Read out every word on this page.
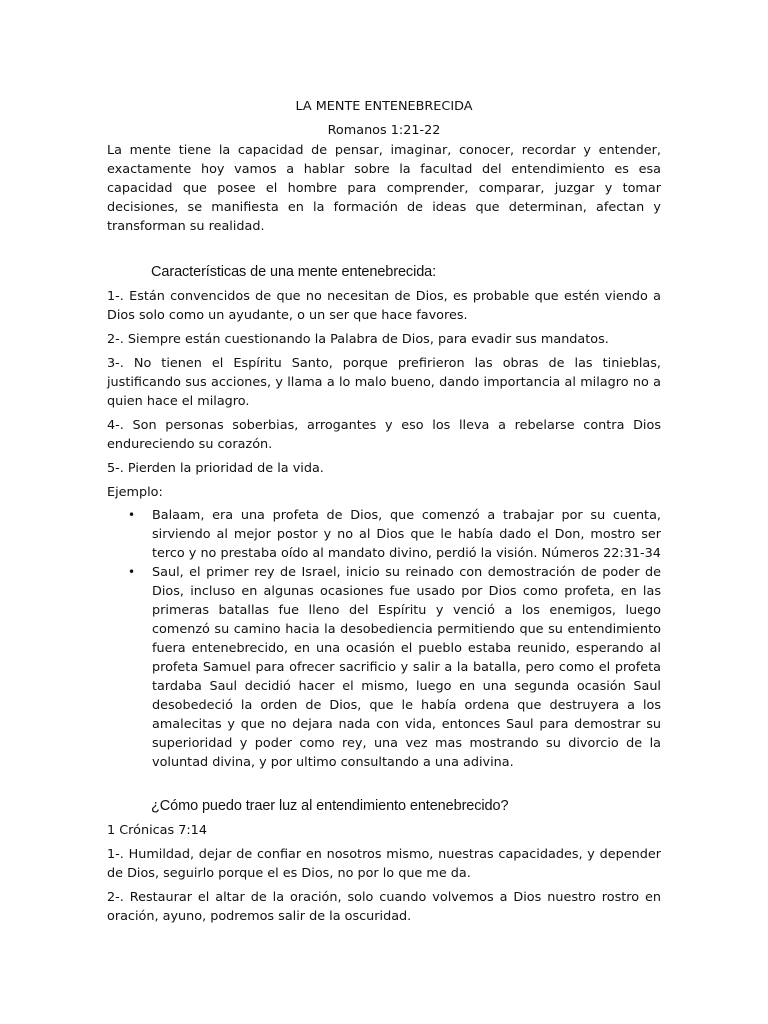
LA MENTE ENTENEBRECIDA

Romanos 1:21-22

La mente tiene la capacidad de pensar, imaginar, conocer, recordar y entender, exactamente hoy vamos a hablar sobre la facultad del entendimiento es esa capacidad que posee el hombre para comprender, comparar, juzgar y tomar decisiones, se manifiesta en la formación de ideas que determinan, afectan y transforman su realidad.

Características de una mente entenebrecida:

1-. Están convencidos de que no necesitan de Dios, es probable que estén viendo a Dios solo como un ayudante, o un ser que hace favores.

2-. Siempre están cuestionando la Palabra de Dios, para evadir sus mandatos.

3-. No tienen el Espíritu Santo, porque prefirieron las obras de las tinieblas, justificando sus acciones, y llama a lo malo bueno, dando importancia al milagro no a quien hace el milagro.

4-. Son personas soberbias, arrogantes y eso los lleva a rebelarse contra Dios endureciendo su corazón.

5-. Pierden la prioridad de la vida.

Ejemplo:

• Balaam, era una profeta de Dios, que comenzó a trabajar por su cuenta, sirviendo al mejor postor y no al Dios que le había dado el Don, mostro ser terco y no prestaba oído al mandato divino, perdió la visión. Números 22:31-34
• Saul, el primer rey de Israel, inicio su reinado con demostración de poder de Dios, incluso en algunas ocasiones fue usado por Dios como profeta, en las primeras batallas fue lleno del Espíritu y venció a los enemigos, luego comenzó su camino hacia la desobediencia permitiendo que su entendimiento fuera entenebrecido, en una ocasión el pueblo estaba reunido, esperando al profeta Samuel para ofrecer sacrificio y salir a la batalla, pero como el profeta tardaba Saul decidió hacer el mismo, luego en una segunda ocasión Saul desobedeció la orden de Dios, que le había ordena que destruyera a los amalecitas y que no dejara nada con vida, entonces Saul para demostrar su superioridad y poder como rey, una vez mas mostrando su divorcio de la voluntad divina, y por ultimo consultando a una adivina.
¿Cómo puedo traer luz al entendimiento entenebrecido?

1 Crónicas 7:14

1-. Humildad, dejar de confiar en nosotros mismo, nuestras capacidades, y depender de Dios, seguirlo porque el es Dios, no por lo que me da.

2-. Restaurar el altar de la oración, solo cuando volvemos a Dios nuestro rostro en oración, ayuno, podremos salir de la oscuridad.
